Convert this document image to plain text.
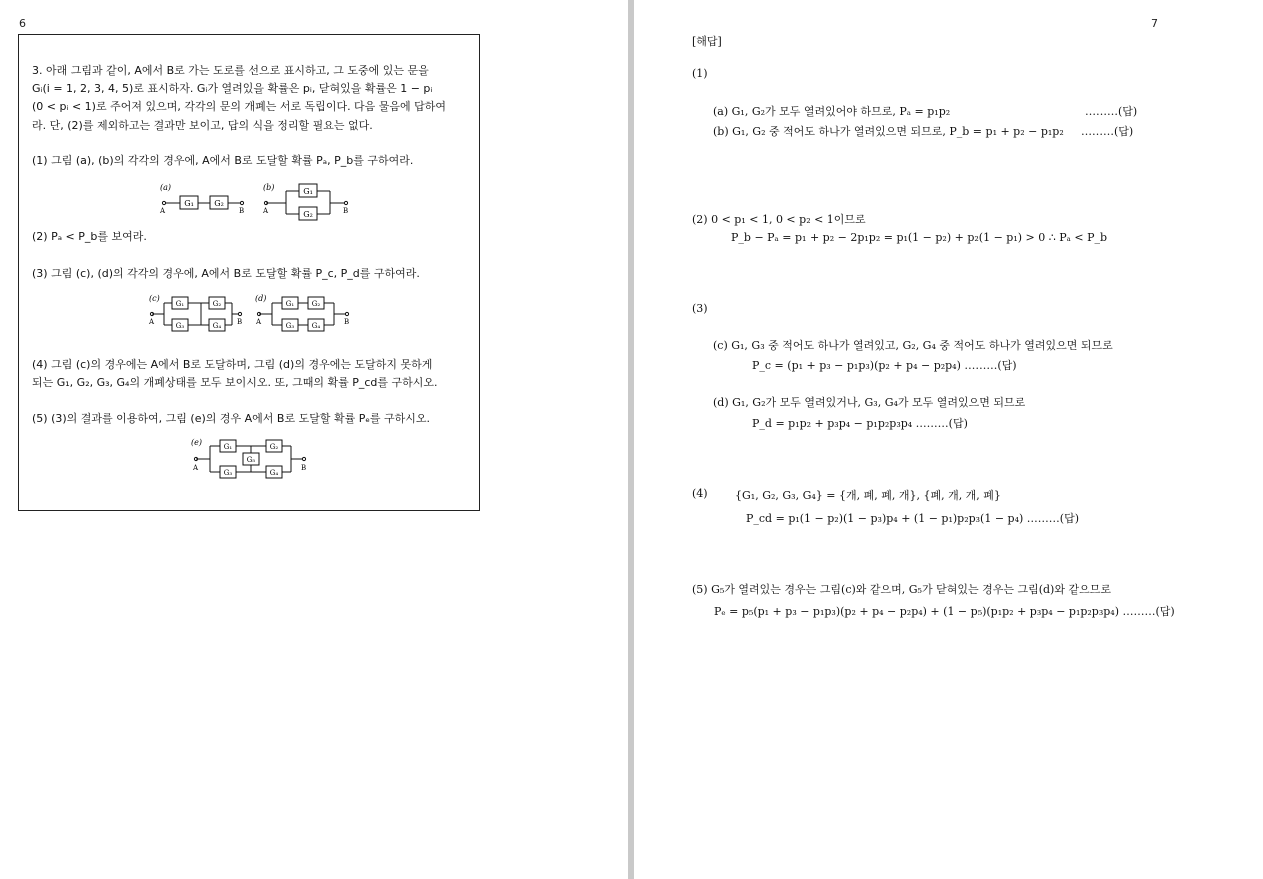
6
3. 아래 그림과 같이, A에서 B로 가는 도로를 선으로 표시하고, 그 도중에 있는 문을
Gᵢ(i = 1, 2, 3, 4, 5)로 표시하자. Gᵢ가 열려있을 확률은 pᵢ, 닫혀있을 확률은 1 − pᵢ
(0 < pᵢ < 1)로 주어져 있으며, 각각의 문의 개폐는 서로 독립이다. 다음 물음에 답하여
라. 단, (2)를 제외하고는 결과만 보이고, 답의 식을 정리할 필요는 없다.
(1) 그림 (a), (b)의 각각의 경우에, A에서 B로 도달할 확률 Pₐ, P_b를 구하여라.
(a)
G₁	G₂
A	B
(b)	G₁
G₂
A	B
(2) Pₐ < P_b를 보여라.
(3) 그림 (c), (d)의 각각의 경우에, A에서 B로 도달할 확률 P_c, P_d를 구하여라.
(c)
G₁
G₃
G₂
G₄
A	B
(d)
G₁	G₂
G₃	G₄
A	B
(4) 그림 (c)의 경우에는 A에서 B로 도달하며, 그림 (d)의 경우에는 도달하지 못하게
되는 G₁, G₂, G₃, G₄의 개폐상태를 모두 보이시오. 또, 그때의 확률 P_cd를 구하시오.
(5) (3)의 결과를 이용하여, 그림 (e)의 경우 A에서 B로 도달할 확률 Pₑ를 구하시오.
(e)	G₁
G₃
G₅
G₂
G₄
A	B
7
[해답]
(1)
(a) G₁, G₂가 모두 열려있어야 하므로, Pₐ = p₁p₂	………(답)
(b) G₁, G₂ 중 적어도 하나가 열려있으면 되므로, P_b = p₁ + p₂ − p₁p₂ ………(답)
(2) 0 < p₁ < 1, 0 < p₂ < 1이므로
P_b − Pₐ = p₁ + p₂ − 2p₁p₂ = p₁(1 − p₂) + p₂(1 − p₁) > 0 ∴ Pₐ < P_b
(3)
(c) G₁, G₃ 중 적어도 하나가 열려있고, G₂, G₄ 중 적어도 하나가 열려있으면 되므로
P_c = (p₁ + p₃ − p₁p₃)(p₂ + p₄ − p₂p₄) ………(답)
(d) G₁, G₂가 모두 열려있거나, G₃, G₄가 모두 열려있으면 되므로
P_d = p₁p₂ + p₃p₄ − p₁p₂p₃p₄ ………(답)
(4) {G₁, G₂, G₃, G₄} = {개, 폐, 폐, 개}, {폐, 개, 개, 폐}
P_cd = p₁(1 − p₂)(1 − p₃)p₄ + (1 − p₁)p₂p₃(1 − p₄) ………(답)
(5) G₅가 열려있는 경우는 그림(c)와 같으며, G₅가 닫혀있는 경우는 그림(d)와 같으므로
Pₑ = p₅(p₁ + p₃ − p₁p₃)(p₂ + p₄ − p₂p₄) + (1 − p₅)(p₁p₂ + p₃p₄ − p₁p₂p₃p₄) ………(답)
